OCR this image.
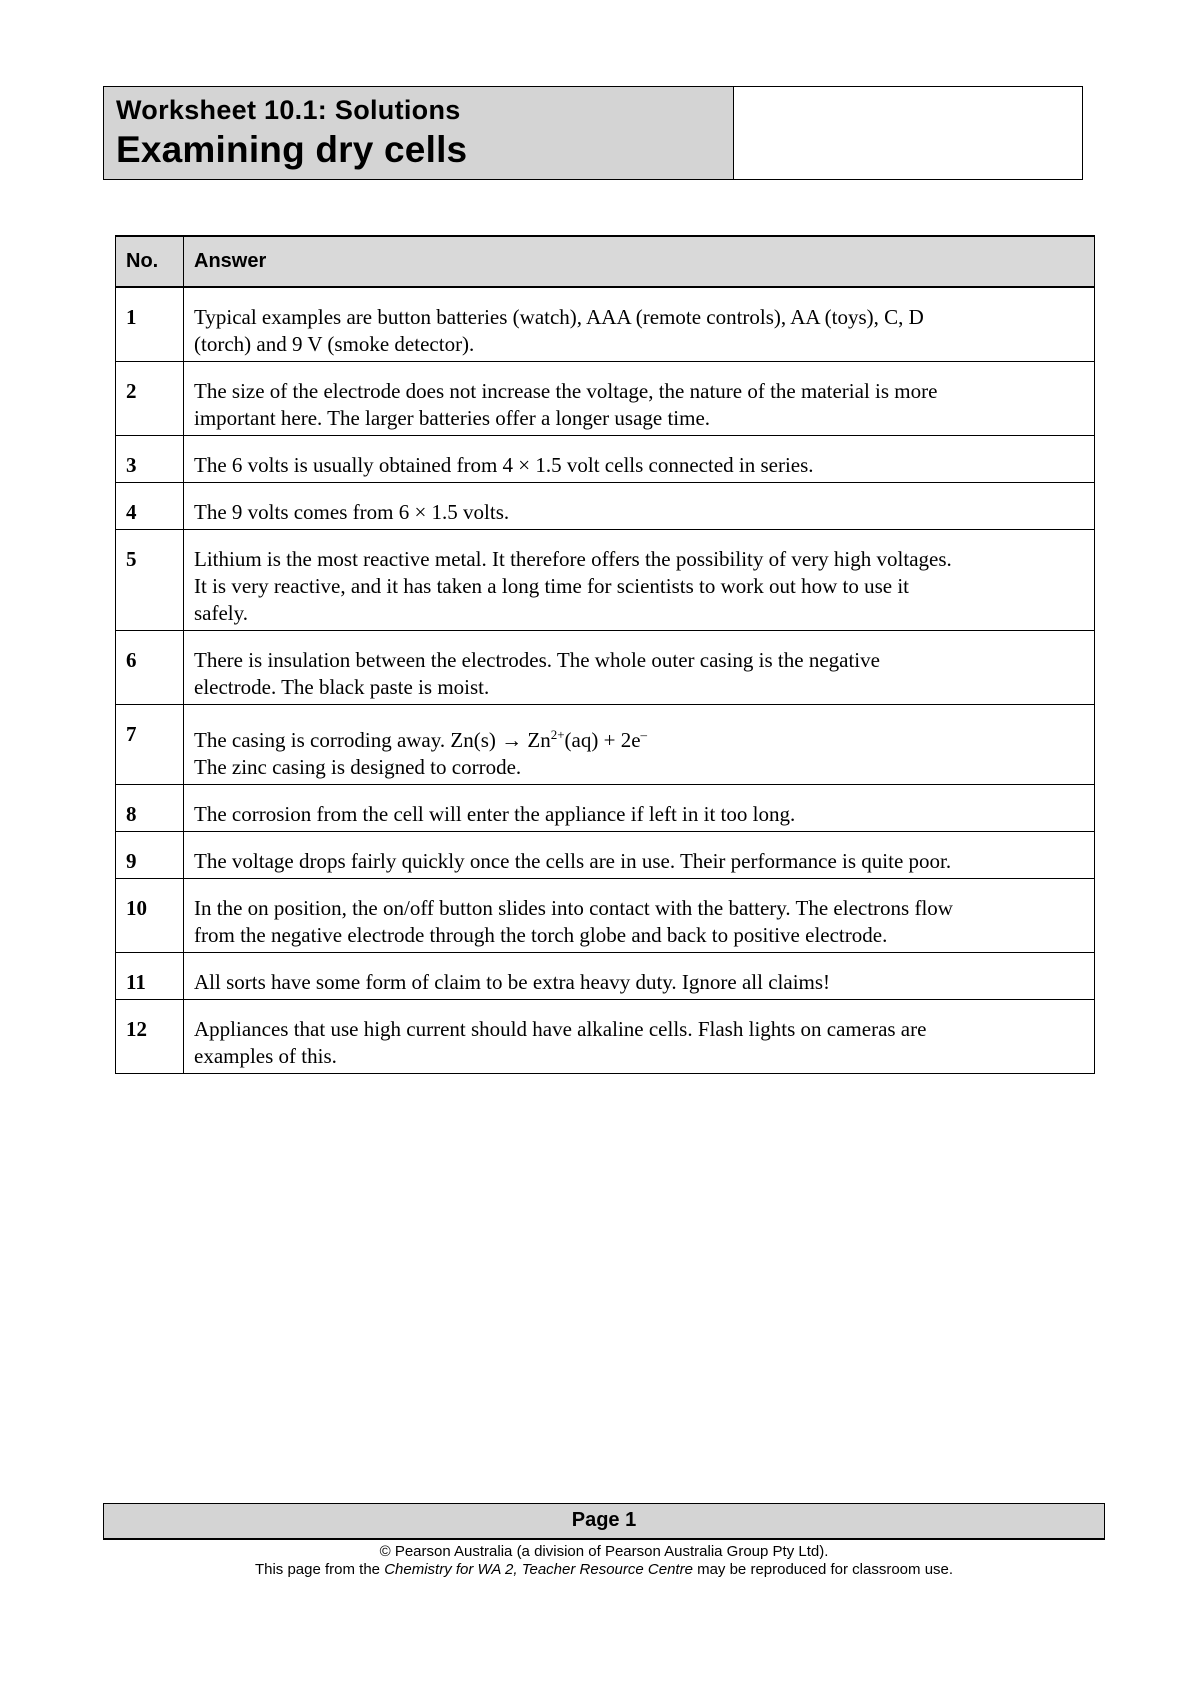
Worksheet 10.1: Solutions
Examining dry cells
No.	Answer
1	Typical examples are button batteries (watch), AAA (remote controls), AA (toys), C, D
(torch) and 9 V (smoke detector).

2	The size of the electrode does not increase the voltage, the nature of the material is more
important here. The larger batteries offer a longer usage time.

3	The 6 volts is usually obtained from 4 × 1.5 volt cells connected in series.

4	The 9 volts comes from 6 × 1.5 volts.

5	Lithium is the most reactive metal. It therefore offers the possibility of very high voltages.
It is very reactive, and it has taken a long time for scientists to work out how to use it
safely.

6	There is insulation between the electrodes. The whole outer casing is the negative
electrode. The black paste is moist.

7	The casing is corroding away. $Zn(s) \to Zn^{2+}(aq) + 2e^-$
The zinc casing is designed to corrode.

8	The corrosion from the cell will enter the appliance if left in it too long.

9	The voltage drops fairly quickly once the cells are in use. Their performance is quite poor.

10	In the on position, the on/off button slides into contact with the battery. The electrons flow
from the negative electrode through the torch globe and back to positive electrode.

11	All sorts have some form of claim to be extra heavy duty. Ignore all claims!

12	Appliances that use high current should have alkaline cells. Flash lights on cameras are
examples of this.
Page 1
© Pearson Australia (a division of Pearson Australia Group Pty Ltd).
This page from the Chemistry for WA 2, Teacher Resource Centre may be reproduced for classroom use.
